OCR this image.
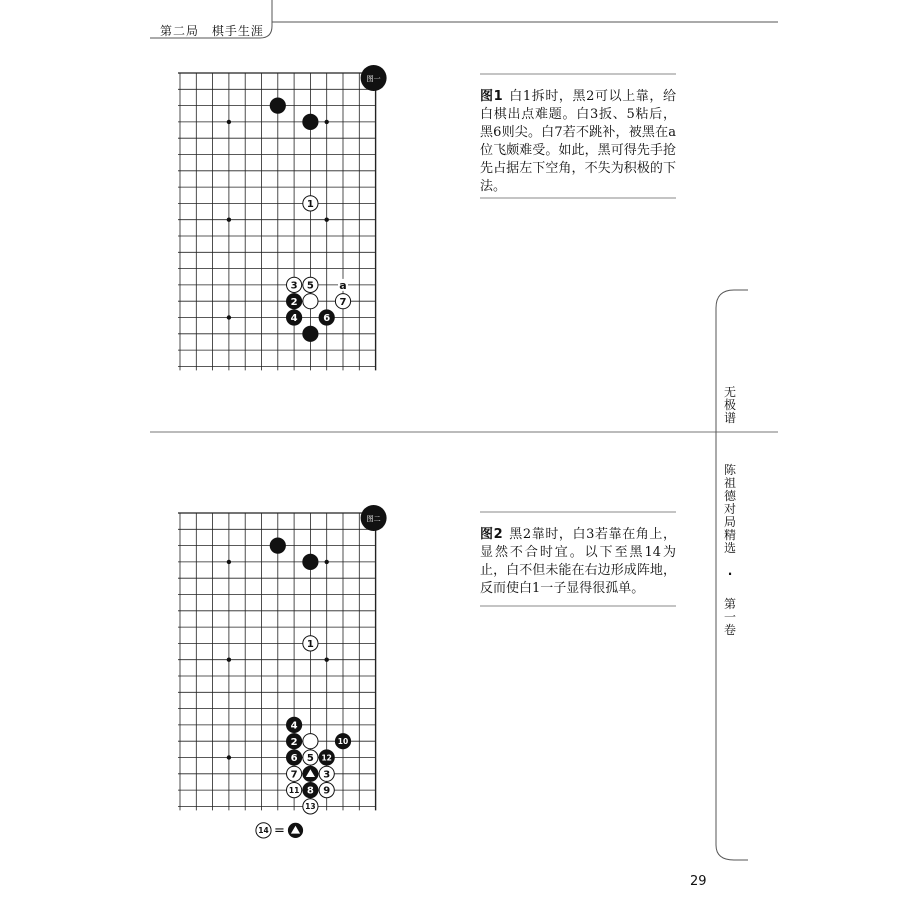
第二局 棋手生涯
图一
1
3 5
2	7
4	6
a
图二
1
4
2	10
6 5 12
7	3
11 8 9
13
14 =
图1 白1拆时，黑2可以上靠，给白棋出点难题。白3扳、5粘后，黑6则尖。白7若不跳补，被黑在a位飞颇难受。如此，黑可得先手抢先占据左下空角，不失为积极的下法。
图2 黑2靠时，白3若靠在角上，显然不合时宜。以下至黑14为止，白不但未能在右边形成阵地，反而使白1一子显得很孤单。
无极谱
陈祖德对局精选
·
第一卷
29
